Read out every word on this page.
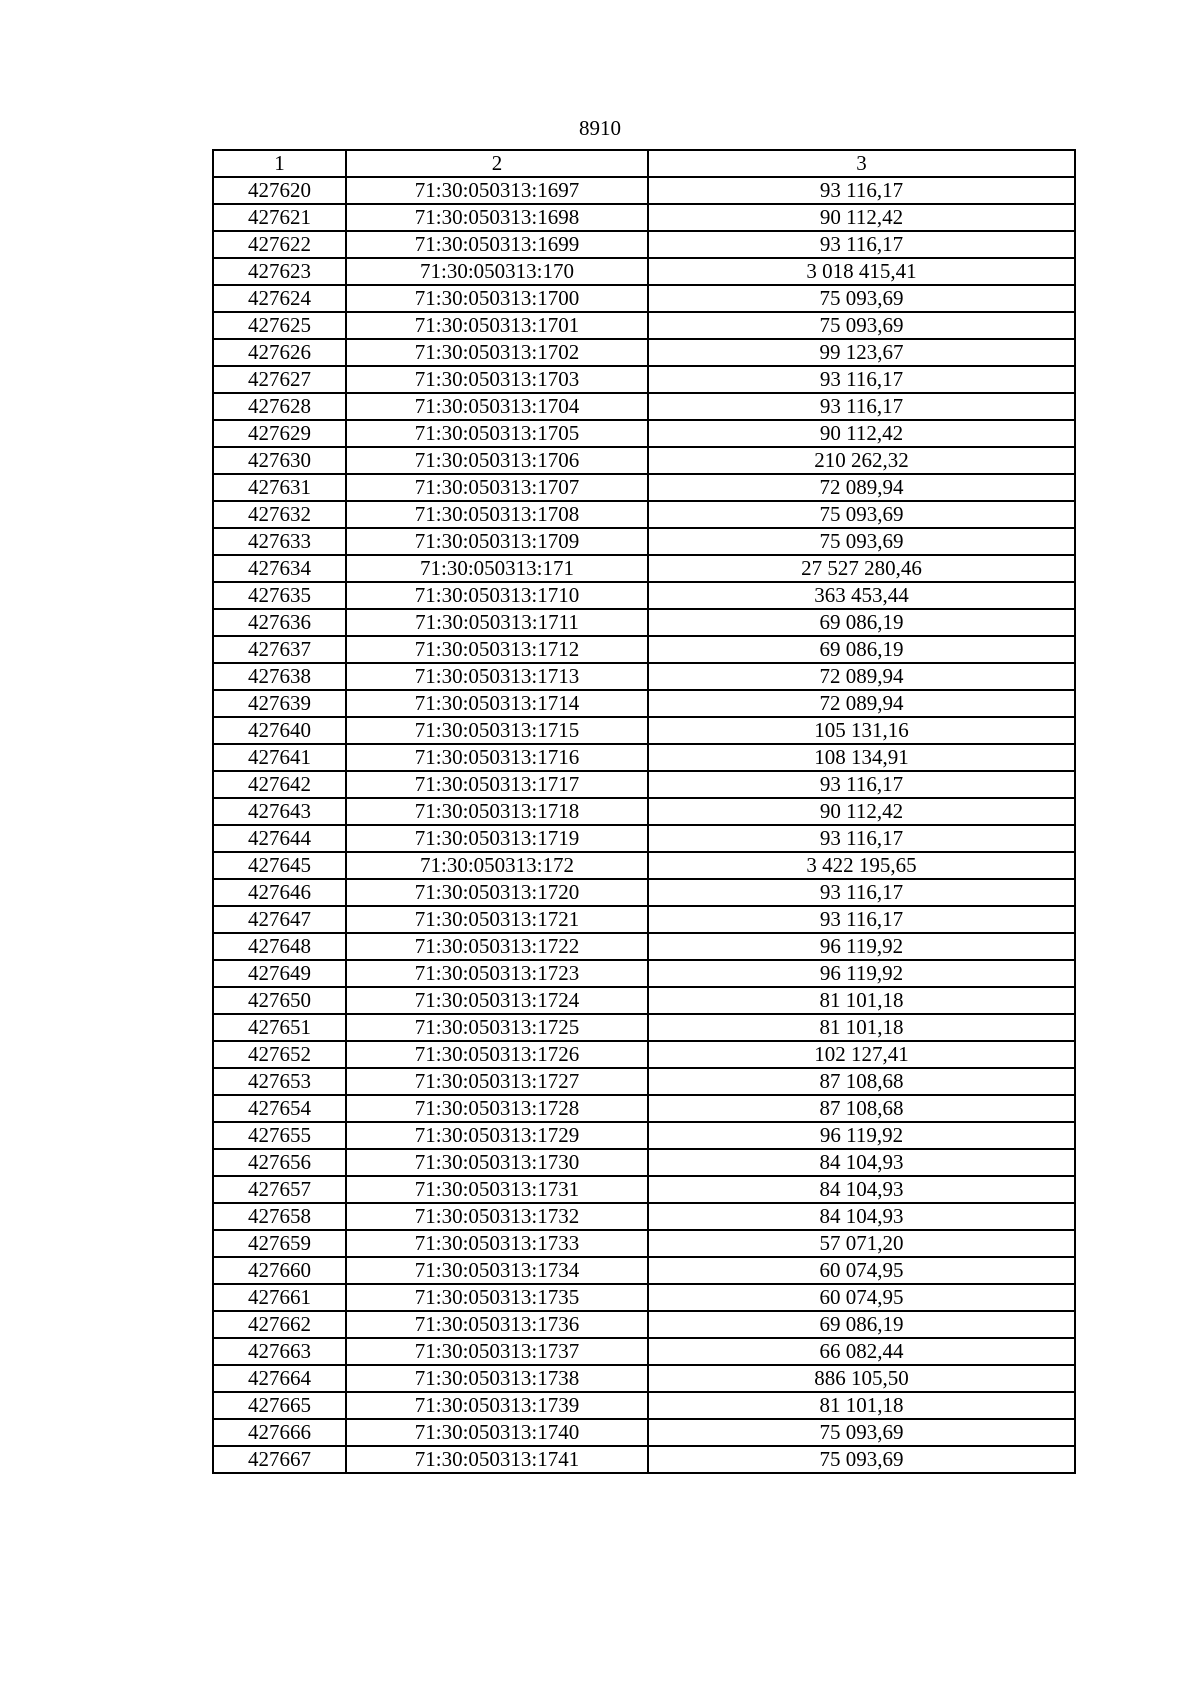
8910
1	2	3
427620	71:30:050313:1697	93 116,17
427621	71:30:050313:1698	90 112,42
427622	71:30:050313:1699	93 116,17
427623	71:30:050313:170	3 018 415,41
427624	71:30:050313:1700	75 093,69
427625	71:30:050313:1701	75 093,69
427626	71:30:050313:1702	99 123,67
427627	71:30:050313:1703	93 116,17
427628	71:30:050313:1704	93 116,17
427629	71:30:050313:1705	90 112,42
427630	71:30:050313:1706	210 262,32
427631	71:30:050313:1707	72 089,94
427632	71:30:050313:1708	75 093,69
427633	71:30:050313:1709	75 093,69
427634	71:30:050313:171	27 527 280,46
427635	71:30:050313:1710	363 453,44
427636	71:30:050313:1711	69 086,19
427637	71:30:050313:1712	69 086,19
427638	71:30:050313:1713	72 089,94
427639	71:30:050313:1714	72 089,94
427640	71:30:050313:1715	105 131,16
427641	71:30:050313:1716	108 134,91
427642	71:30:050313:1717	93 116,17
427643	71:30:050313:1718	90 112,42
427644	71:30:050313:1719	93 116,17
427645	71:30:050313:172	3 422 195,65
427646	71:30:050313:1720	93 116,17
427647	71:30:050313:1721	93 116,17
427648	71:30:050313:1722	96 119,92
427649	71:30:050313:1723	96 119,92
427650	71:30:050313:1724	81 101,18
427651	71:30:050313:1725	81 101,18
427652	71:30:050313:1726	102 127,41
427653	71:30:050313:1727	87 108,68
427654	71:30:050313:1728	87 108,68
427655	71:30:050313:1729	96 119,92
427656	71:30:050313:1730	84 104,93
427657	71:30:050313:1731	84 104,93
427658	71:30:050313:1732	84 104,93
427659	71:30:050313:1733	57 071,20
427660	71:30:050313:1734	60 074,95
427661	71:30:050313:1735	60 074,95
427662	71:30:050313:1736	69 086,19
427663	71:30:050313:1737	66 082,44
427664	71:30:050313:1738	886 105,50
427665	71:30:050313:1739	81 101,18
427666	71:30:050313:1740	75 093,69
427667	71:30:050313:1741	75 093,69
